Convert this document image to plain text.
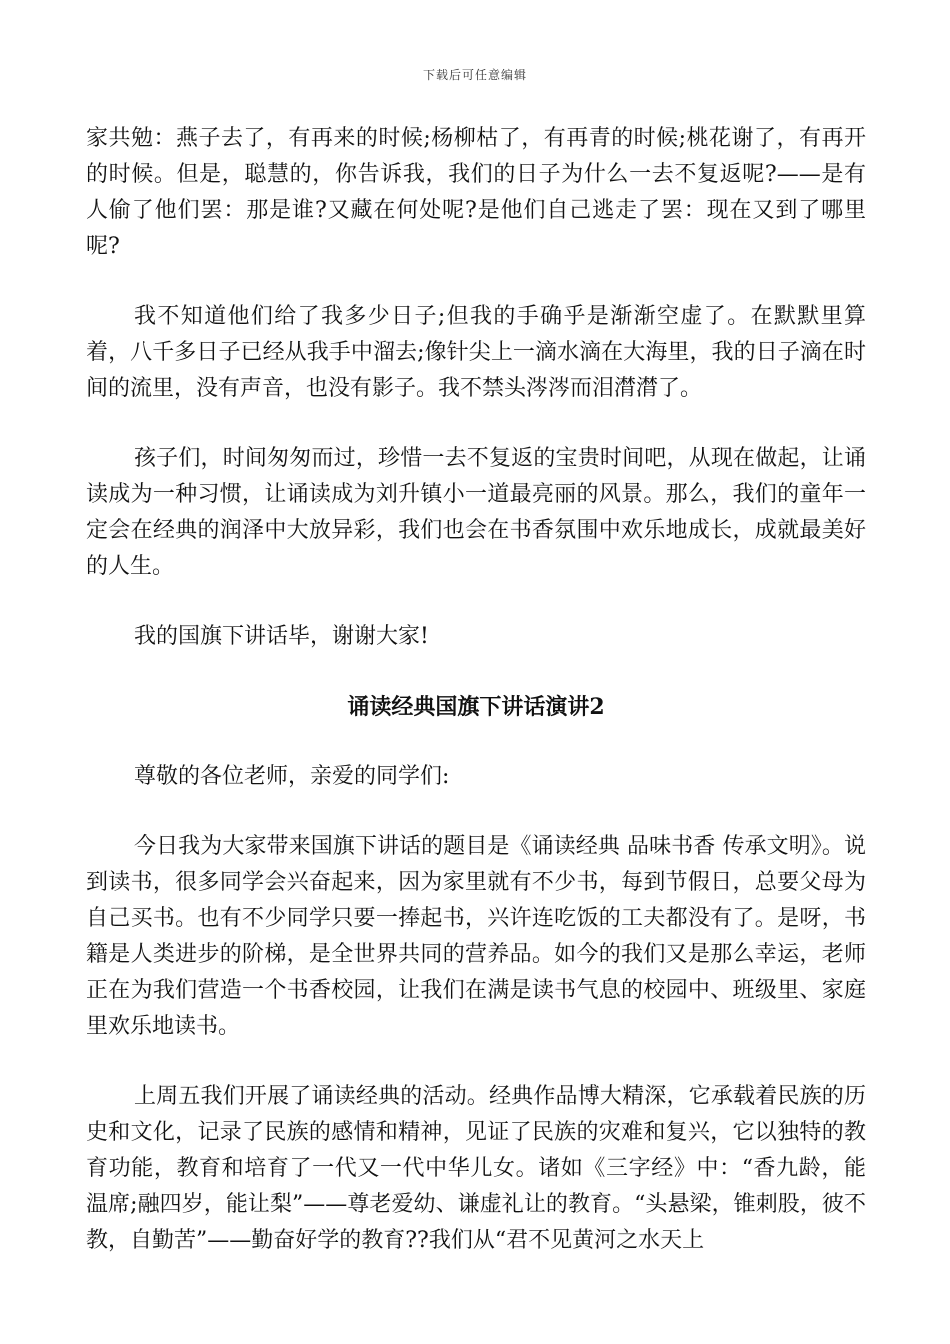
下载后可任意编辑

家共勉：燕子去了，有再来的时候;杨柳枯了，有再青的时候;桃花谢了，有再开的时候。但是，聪慧的，你告诉我，我们的日子为什么一去不复返呢?——是有人偷了他们罢：那是谁?又藏在何处呢?是他们自己逃走了罢：现在又到了哪里呢?

我不知道他们给了我多少日子;但我的手确乎是渐渐空虚了。在默默里算着，八千多日子已经从我手中溜去;像针尖上一滴水滴在大海里，我的日子滴在时间的流里，没有声音，也没有影子。我不禁头涔涔而泪潸潸了。

孩子们，时间匆匆而过，珍惜一去不复返的宝贵时间吧，从现在做起，让诵读成为一种习惯，让诵读成为刘升镇小一道最亮丽的风景。那么，我们的童年一定会在经典的润泽中大放异彩，我们也会在书香氛围中欢乐地成长，成就最美好的人生。

我的国旗下讲话毕，谢谢大家!

诵读经典国旗下讲话演讲2

尊敬的各位老师，亲爱的同学们:

今日我为大家带来国旗下讲话的题目是《诵读经典 品味书香 传承文明》。说到读书，很多同学会兴奋起来，因为家里就有不少书，每到节假日，总要父母为自己买书。也有不少同学只要一捧起书，兴许连吃饭的工夫都没有了。是呀，书籍是人类进步的阶梯，是全世界共同的营养品。如今的我们又是那么幸运，老师正在为我们营造一个书香校园，让我们在满是读书气息的校园中、班级里、家庭里欢乐地读书。

上周五我们开展了诵读经典的活动。经典作品博大精深，它承载着民族的历史和文化，记录了民族的感情和精神，见证了民族的灾难和复兴，它以独特的教育功能，教育和培育了一代又一代中华儿女。诸如《三字经》中：“香九龄，能温席;融四岁，能让梨”——尊老爱幼、谦虚礼让的教育。“头悬梁，锥刺股，彼不教，自勤苦”——勤奋好学的教育??我们从“君不见黄河之水天上
